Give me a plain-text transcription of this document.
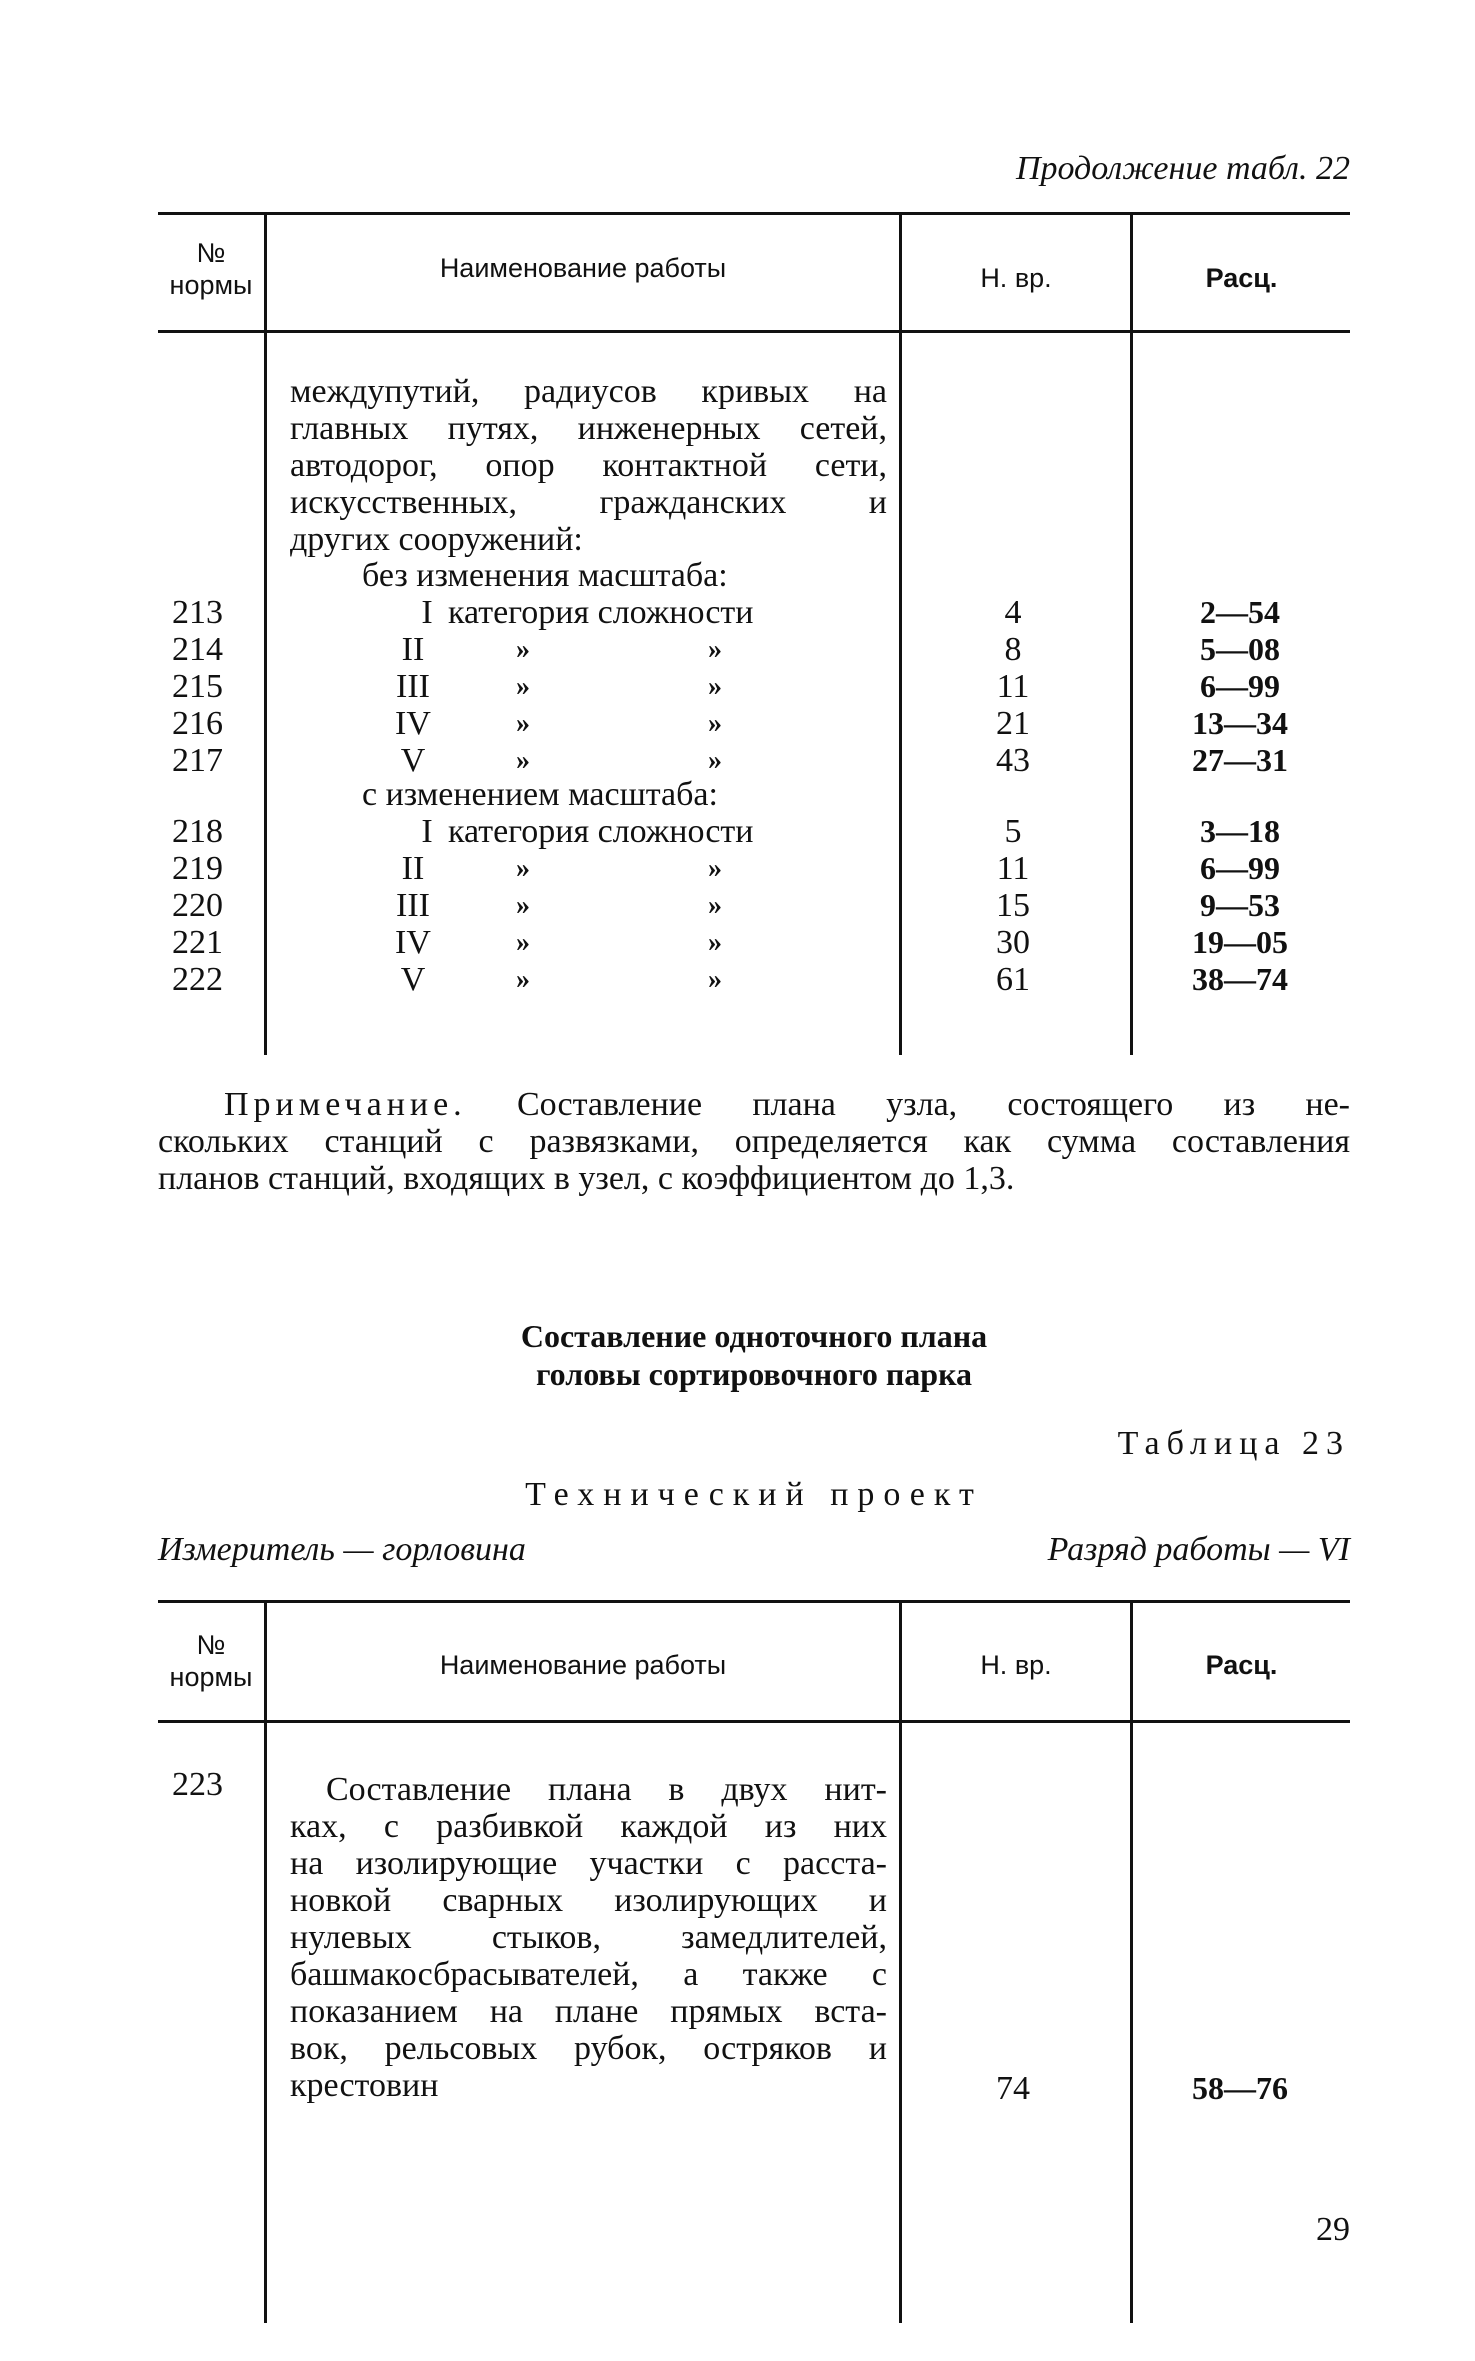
Продолжение табл. 22
№
нормы
Наименование работы	Н. вр.	Расц.
междупутий, радиусов кривых на
главных путях, инженерных сетей,
автодорог, опор контактной сети,
искусственных, гражданских и
других сооружений:
без изменения масштаба:
213	I категория сложности	4	2—54
214	II	»	»	8	5—08
215	III	»	»	11	6—99
216	IV	»	»	21	13—34
217	V	»	»	43	27—31
с изменением масштаба:
218	I категория сложности	5	3—18
219	II	»	»	11	6—99
220	III	»	»	15	9—53
221	IV	»	»	30	19—05
222	V	»	»	61	38—74
Примечание. Составление плана узла, состоящего из не-
скольких станций с развязками, определяется как сумма составления
планов станций, входящих в узел, с коэффициентом до 1,3.
Составление одноточного плана
головы сортировочного парка
Таблица 23
Технический проект
Измеритель — горловина	Разряд работы — VI
№
нормы	Наименование работы	Н. вр.	Расц.
223	Составление плана в двух нит-
ках, с разбивкой каждой из них
на изолирующие участки с расста-
новкой сварных изолирующих и
нулевых стыков, замедлителей,
башмакосбрасывателей, а также с
показанием на плане прямых вста-
вок, рельсовых рубок, остряков и
крестовин	74	58—76
29
